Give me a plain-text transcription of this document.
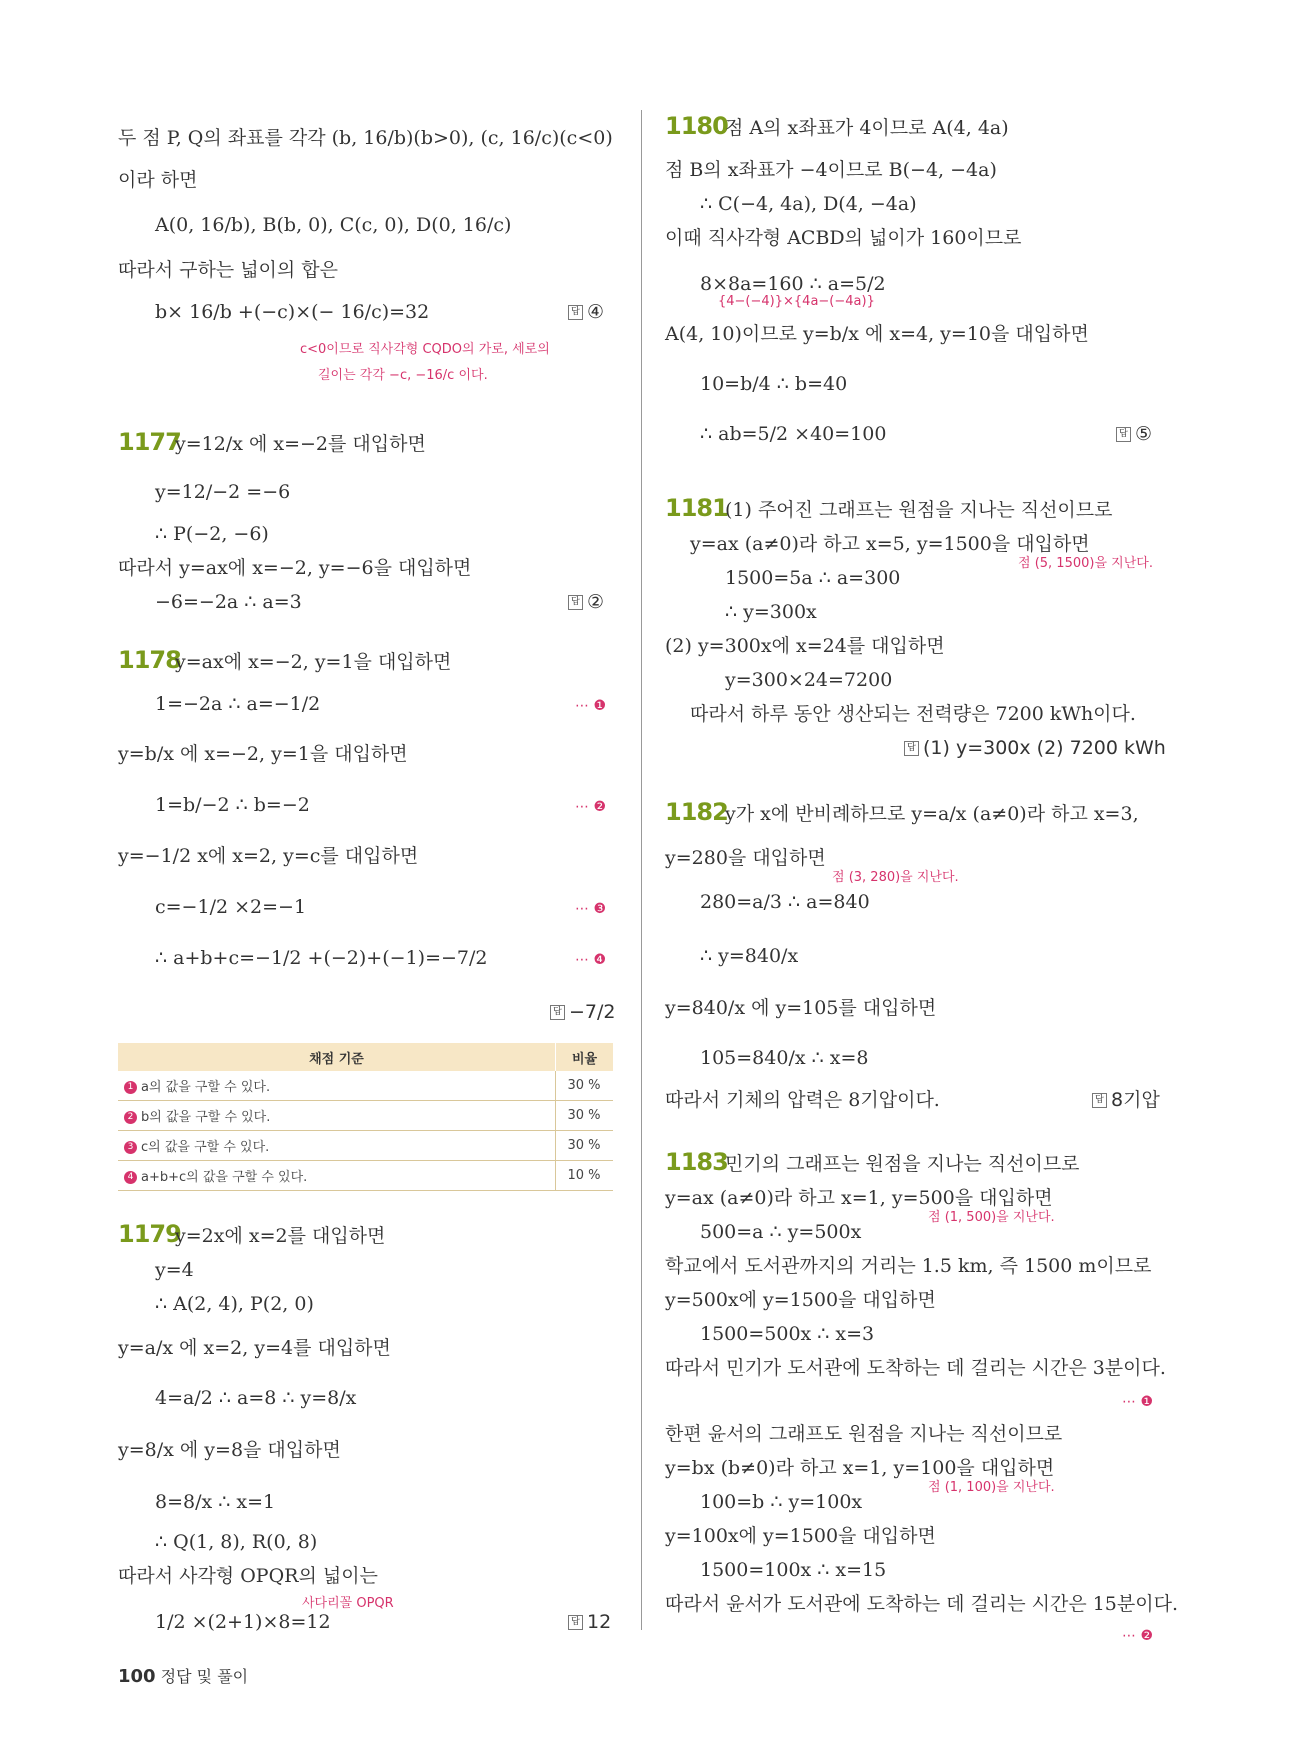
두 점 P, Q의 좌표를 각각 (b, 16/b)(b>0), (c, 16/c)(c<0)
이라 하면
A(0, 16/b), B(b, 0), C(c, 0), D(0, 16/c)
따라서 구하는 넓이의 합은
b× 16/b +(−c)×(− 16/c)=32	답 ④
c<0이므로 직사각형 CQDO의 가로, 세로의
길이는 각각 −c, −16/c 이다.
1177
y=12/x 에 x=−2를 대입하면
y=12/−2 =−6
∴ P(−2, −6)
따라서 y=ax에 x=−2, y=−6을 대입하면
−6=−2a ∴ a=3	답 ②
1178
y=ax에 x=−2, y=1을 대입하면
1=−2a ∴ a=−1/2	⋯ ❶
y=b/x 에 x=−2, y=1을 대입하면
1=b/−2 ∴ b=−2	⋯ ❷
y=−1/2 x에 x=2, y=c를 대입하면
c=−1/2 ×2=−1	⋯ ❸
∴ a+b+c=−1/2 +(−2)+(−1)=−7/2	⋯ ❹
답 −7/2
채점 기준	비율
1 a의 값을 구할 수 있다.	30 %
2 b의 값을 구할 수 있다.	30 %
3 c의 값을 구할 수 있다.	30 %
4 a+b+c의 값을 구할 수 있다.	10 %
1179
y=2x에 x=2를 대입하면
y=4
∴ A(2, 4), P(2, 0)
y=a/x 에 x=2, y=4를 대입하면
4=a/2 ∴ a=8 ∴ y=8/x
y=8/x 에 y=8을 대입하면
8=8/x ∴ x=1
∴ Q(1, 8), R(0, 8)
따라서 사각형 OPQR의 넓이는
사다리꼴 OPQR
1/2 ×(2+1)×8=12	답 12
1180
점 A의 x좌표가 4이므로 A(4, 4a)
점 B의 x좌표가 −4이므로 B(−4, −4a)
∴ C(−4, 4a), D(4, −4a)
이때 직사각형 ACBD의 넓이가 160이므로
8×8a=160 ∴ a=5/2
{4−(−4)}×{4a−(−4a)}
A(4, 10)이므로 y=b/x 에 x=4, y=10을 대입하면
10=b/4 ∴ b=40
∴ ab=5/2 ×40=100	답 ⑤
1181
(1) 주어진 그래프는 원점을 지나는 직선이므로
y=ax (a≠0)라 하고 x=5, y=1500을 대입하면
점 (5, 1500)을 지난다.
1500=5a ∴ a=300
∴ y=300x
(2) y=300x에 x=24를 대입하면
y=300×24=7200
따라서 하루 동안 생산되는 전력량은 7200 kWh이다.
답 (1) y=300x (2) 7200 kWh
1182
y가 x에 반비례하므로 y=a/x (a≠0)라 하고 x=3,
y=280을 대입하면
점 (3, 280)을 지난다.
280=a/3 ∴ a=840
∴ y=840/x
y=840/x 에 y=105를 대입하면
105=840/x ∴ x=8
따라서 기체의 압력은 8기압이다.	답 8기압
1183
민기의 그래프는 원점을 지나는 직선이므로
y=ax (a≠0)라 하고 x=1, y=500을 대입하면
점 (1, 500)을 지난다.
500=a ∴ y=500x
학교에서 도서관까지의 거리는 1.5 km, 즉 1500 m이므로
y=500x에 y=1500을 대입하면
1500=500x ∴ x=3
따라서 민기가 도서관에 도착하는 데 걸리는 시간은 3분이다.
⋯ ❶
한편 윤서의 그래프도 원점을 지나는 직선이므로
y=bx (b≠0)라 하고 x=1, y=100을 대입하면
점 (1, 100)을 지난다.
100=b ∴ y=100x
y=100x에 y=1500을 대입하면
1500=100x ∴ x=15
따라서 윤서가 도서관에 도착하는 데 걸리는 시간은 15분이다.
⋯ ❷
100 정답 및 풀이
